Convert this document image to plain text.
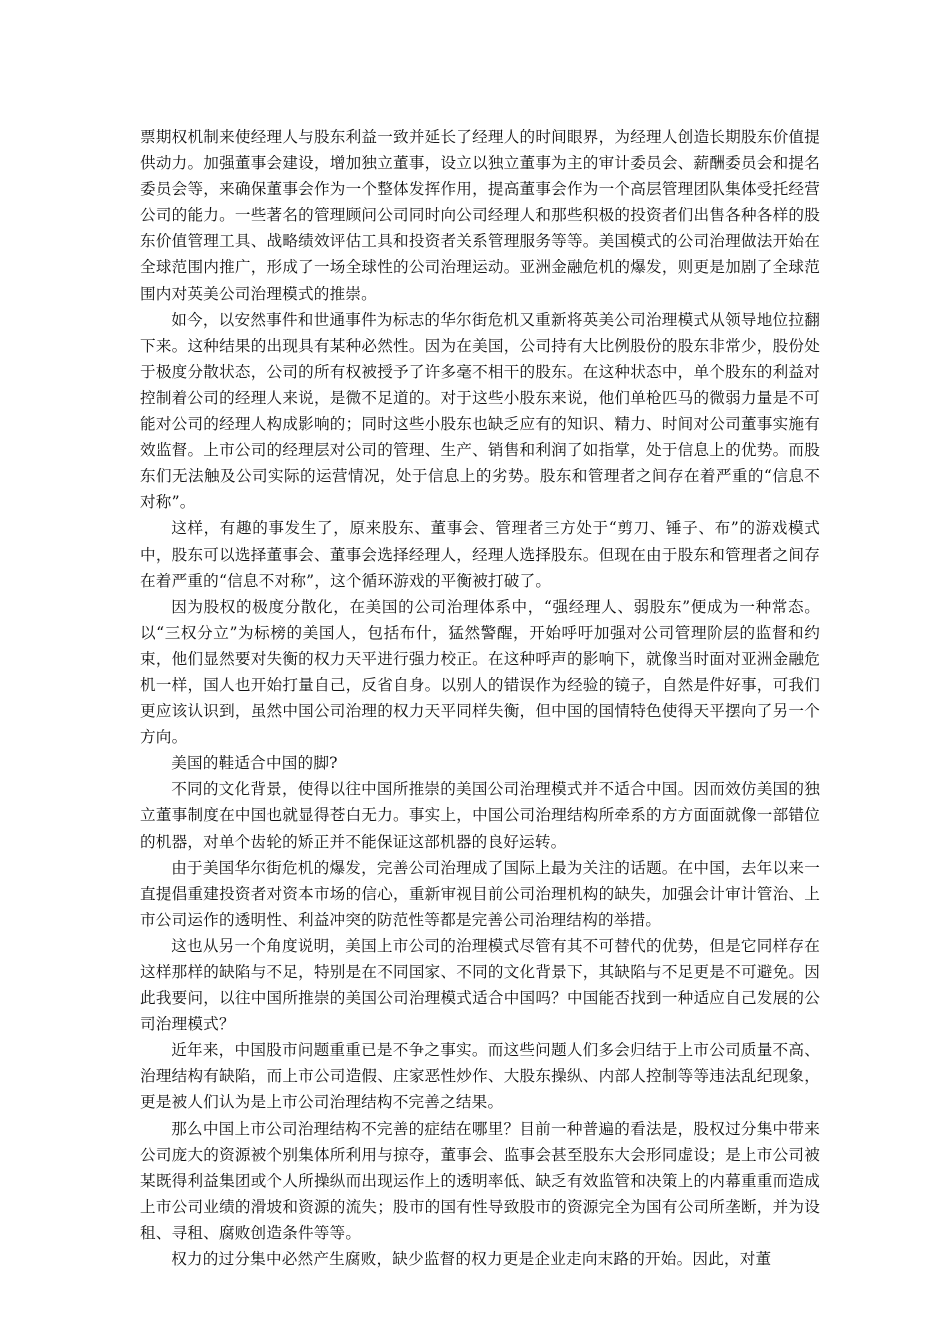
票期权机制来使经理人与股东利益一致并延长了经理人的时间眼界，为经理人创造长期股东价值提供动力。加强董事会建设，增加独立董事，设立以独立董事为主的审计委员会、薪酬委员会和提名委员会等，来确保董事会作为一个整体发挥作用，提高董事会作为一个高层管理团队集体受托经营公司的能力。一些著名的管理顾问公司同时向公司经理人和那些积极的投资者们出售各种各样的股东价值管理工具、战略绩效评估工具和投资者关系管理服务等等。美国模式的公司治理做法开始在全球范围内推广，形成了一场全球性的公司治理运动。亚洲金融危机的爆发，则更是加剧了全球范围内对英美公司治理模式的推崇。

如今，以安然事件和世通事件为标志的华尔街危机又重新将英美公司治理模式从领导地位拉翻下来。这种结果的出现具有某种必然性。因为在美国，公司持有大比例股份的股东非常少，股份处于极度分散状态，公司的所有权被授予了许多毫不相干的股东。在这种状态中，单个股东的利益对控制着公司的经理人来说，是微不足道的。对于这些小股东来说，他们单枪匹马的微弱力量是不可能对公司的经理人构成影响的；同时这些小股东也缺乏应有的知识、精力、时间对公司董事实施有效监督。上市公司的经理层对公司的管理、生产、销售和利润了如指掌，处于信息上的优势。而股东们无法触及公司实际的运营情况，处于信息上的劣势。股东和管理者之间存在着严重的“信息不对称”。

这样，有趣的事发生了，原来股东、董事会、管理者三方处于“剪刀、锤子、布”的游戏模式中，股东可以选择董事会、董事会选择经理人，经理人选择股东。但现在由于股东和管理者之间存在着严重的“信息不对称”，这个循环游戏的平衡被打破了。

因为股权的极度分散化，在美国的公司治理体系中，“强经理人、弱股东”便成为一种常态。以“三权分立”为标榜的美国人，包括布什，猛然警醒，开始呼吁加强对公司管理阶层的监督和约束，他们显然要对失衡的权力天平进行强力校正。在这种呼声的影响下，就像当时面对亚洲金融危机一样，国人也开始打量自己，反省自身。以别人的错误作为经验的镜子，自然是件好事，可我们更应该认识到，虽然中国公司治理的权力天平同样失衡，但中国的国情特色使得天平摆向了另一个方向。

美国的鞋适合中国的脚?

不同的文化背景，使得以往中国所推崇的美国公司治理模式并不适合中国。因而效仿美国的独立董事制度在中国也就显得苍白无力。事实上，中国公司治理结构所牵系的方方面面就像一部错位的机器，对单个齿轮的矫正并不能保证这部机器的良好运转。

由于美国华尔街危机的爆发，完善公司治理成了国际上最为关注的话题。在中国，去年以来一直提倡重建投资者对资本市场的信心，重新审视目前公司治理机构的缺失，加强会计审计管治、上市公司运作的透明性、利益冲突的防范性等都是完善公司治理结构的举措。

这也从另一个角度说明，美国上市公司的治理模式尽管有其不可替代的优势，但是它同样存在这样那样的缺陷与不足，特别是在不同国家、不同的文化背景下，其缺陷与不足更是不可避免。因此我要问，以往中国所推崇的美国公司治理模式适合中国吗？中国能否找到一种适应自己发展的公司治理模式？

近年来，中国股市问题重重已是不争之事实。而这些问题人们多会归结于上市公司质量不高、治理结构有缺陷，而上市公司造假、庄家恶性炒作、大股东操纵、内部人控制等等违法乱纪现象，更是被人们认为是上市公司治理结构不完善之结果。

那么中国上市公司治理结构不完善的症结在哪里？目前一种普遍的看法是，股权过分集中带来公司庞大的资源被个别集体所利用与掠夺，董事会、监事会甚至股东大会形同虚设；是上市公司被某既得利益集团或个人所操纵而出现运作上的透明率低、缺乏有效监管和决策上的内幕重重而造成上市公司业绩的滑坡和资源的流失；股市的国有性导致股市的资源完全为国有公司所垄断，并为设租、寻租、腐败创造条件等等。

权力的过分集中必然产生腐败，缺少监督的权力更是企业走向末路的开始。因此，对董
